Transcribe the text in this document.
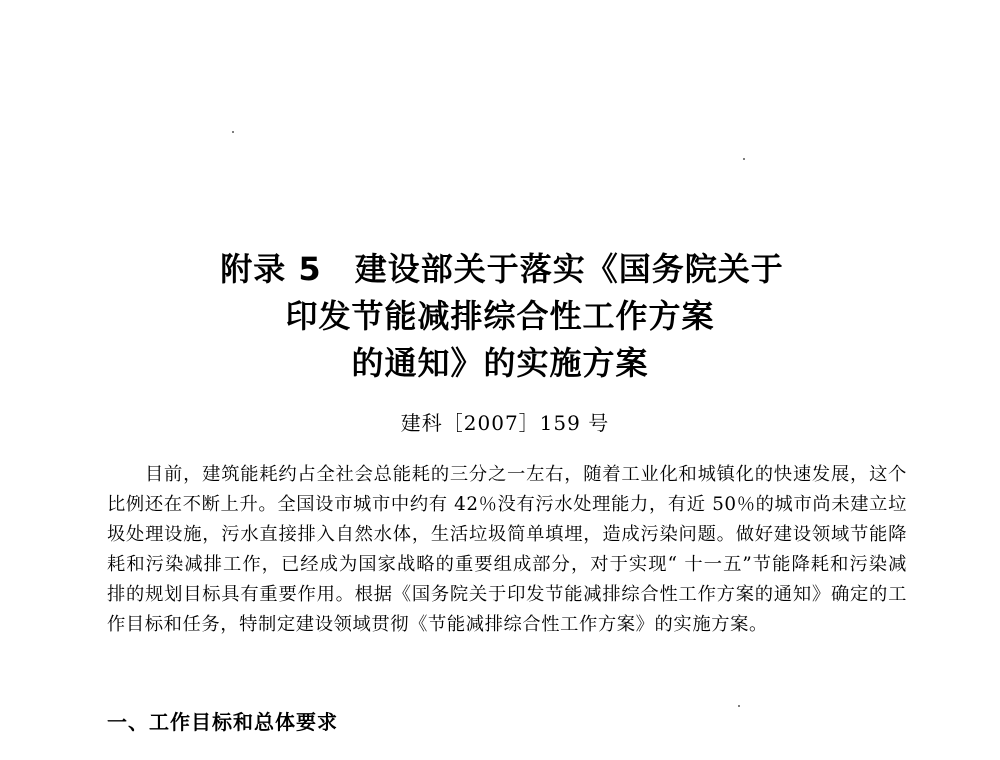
附录 5　建设部关于落实《国务院关于
印发节能减排综合性工作方案
的通知》的实施方案
建科［2007］159 号

目前，建筑能耗约占全社会总能耗的三分之一左右，随着工业化和城镇化的快速发展，这个比例还在不断上升。全国设市城市中约有 42％没有污水处理能力，有近 50％的城市尚未建立垃圾处理设施，污水直接排入自然水体，生活垃圾简单填埋，造成污染问题。做好建设领域节能降耗和污染减排工作，已经成为国家战略的重要组成部分，对于实现“ 十一五”节能降耗和污染减排的规划目标具有重要作用。根据《国务院关于印发节能减排综合性工作方案的通知》确定的工作目标和任务，特制定建设领域贯彻《节能减排综合性工作方案》的实施方案。

一、工作目标和总体要求
